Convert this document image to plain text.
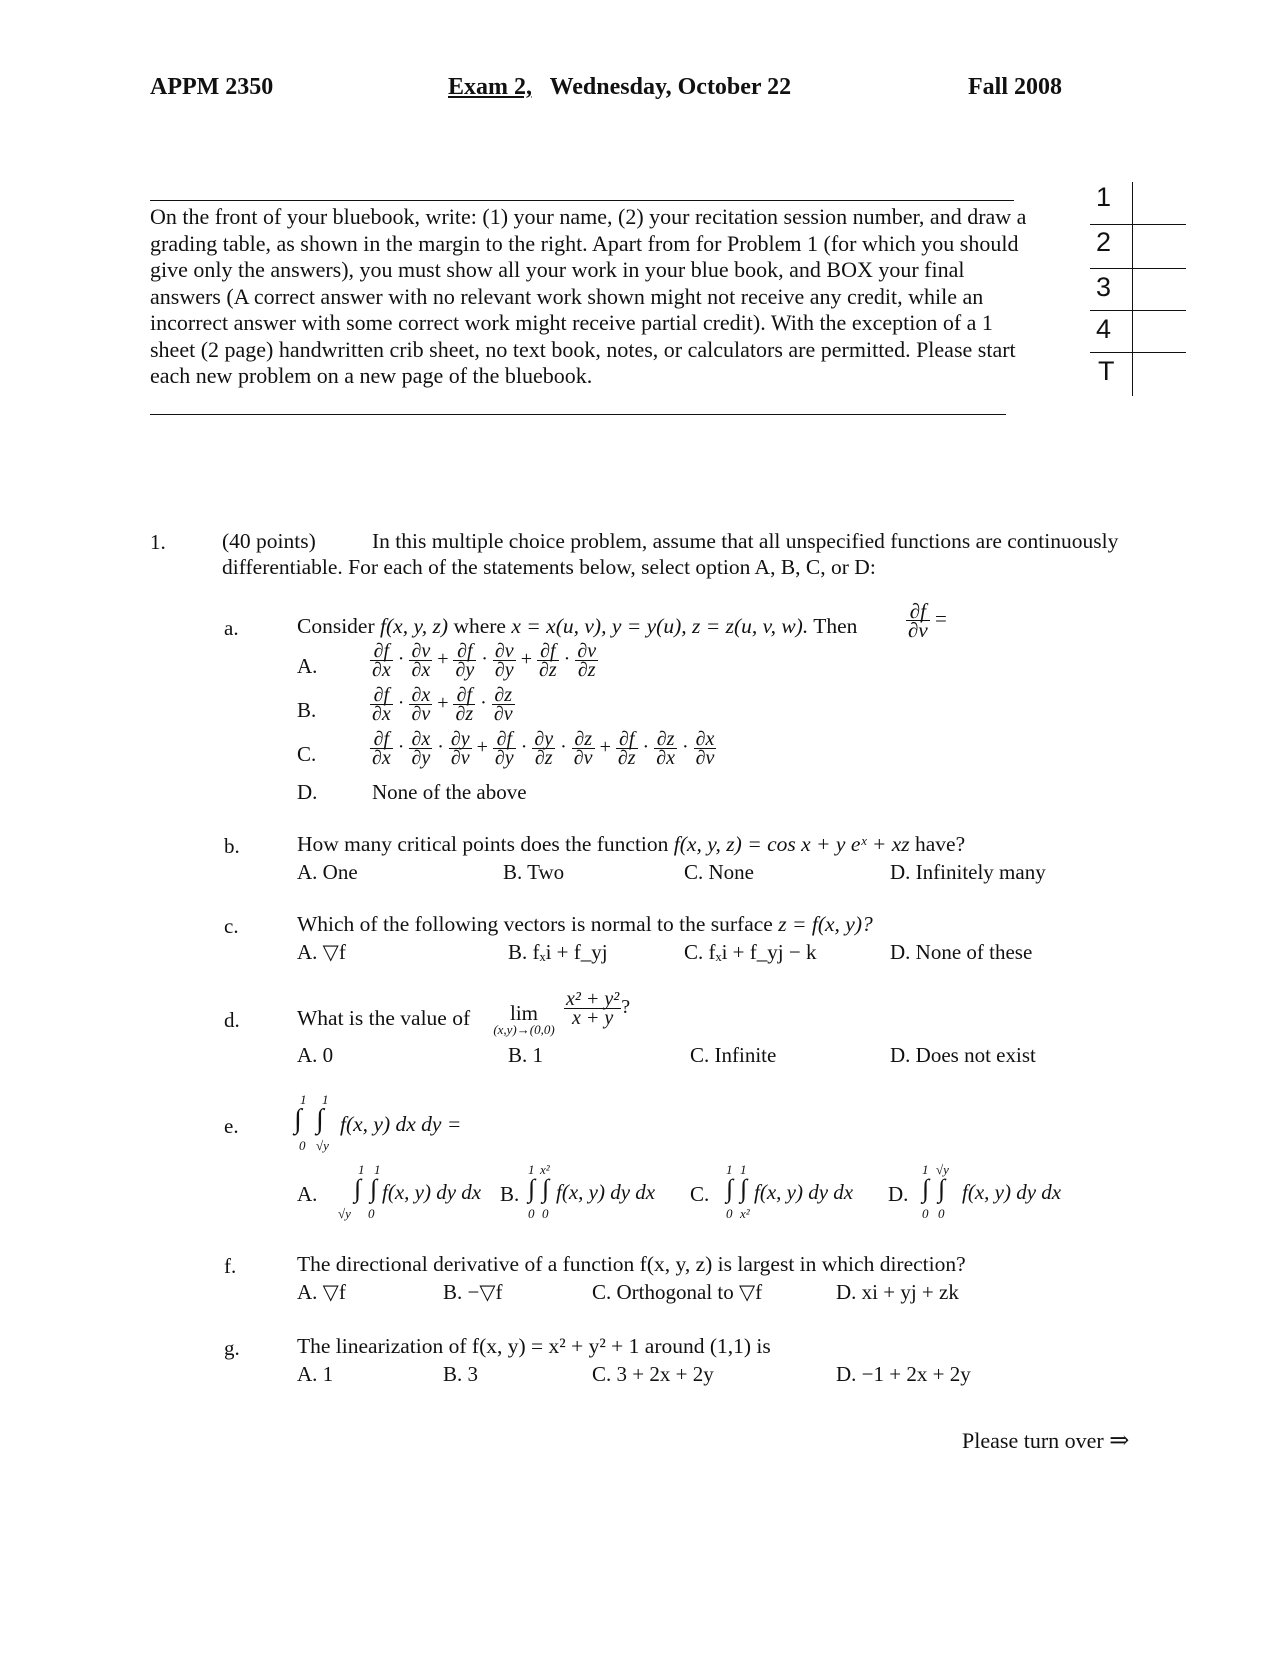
APPM 2350	Exam 2, Wednesday, October 22	Fall 2008
On the front of your bluebook, write: (1) your name, (2) your recitation session number, and draw a grading table, as shown in the margin to the right. Apart from for Problem 1 (for which you should give only the answers), you must show all your work in your blue book, and BOX your final answers (A correct answer with no relevant work shown might not receive any credit, while an incorrect answer with some correct work might receive partial credit). With the exception of a 1 sheet (2 page) handwritten crib sheet, no text book, notes, or calculators are permitted. Please start each new problem on a new page of the bluebook.
1
2
3
4
T
1.	(40 points)	In this multiple choice problem, assume that all unspecified functions are continuously
differentiable. For each of the statements below, select option A, B, C, or D:
a.	Consider f(x, y, z) where x = x(u, v), y = y(u), z = z(u, v, w). Then $\frac{\partial f}{\partial v}$ =
A.	$\frac{\partial f}{\partial x} \cdot \frac{\partial v}{\partial x} + \frac{\partial f}{\partial y} \cdot \frac{\partial v}{\partial y} + \frac{\partial f}{\partial z} \cdot \frac{\partial v}{\partial z}$
B.	$\frac{\partial f}{\partial x} \cdot \frac{\partial x}{\partial v} + \frac{\partial f}{\partial z} \cdot \frac{\partial z}{\partial v}$
C.	$\frac{\partial f}{\partial x} \cdot \frac{\partial x}{\partial y} \cdot \frac{\partial y}{\partial v} + \frac{\partial f}{\partial y} \cdot \frac{\partial y}{\partial z} \cdot \frac{\partial z}{\partial v} + \frac{\partial f}{\partial z} \cdot \frac{\partial z}{\partial x} \cdot \frac{\partial x}{\partial v}$
D.	None of the above
b.	How many critical points does the function f(x, y, z) = cos x + y eˣ + xz have?
A. One	B. Two	C. None	D. Infinitely many
c.	Which of the following vectors is normal to the surface z = f(x, y)?
A. ▽f	B. fₓi + f_yj	C. fₓi + f_yj − k	D. None of these
d.	What is the value of	lim
(x,y)→(0,0)
$\frac{\text{x² + y²}}{x + y}$ ?
A. 0	B. 1	C. Infinite	D. Does not exist
e.
1 1
∫ ∫
0 √y
f(x, y) dx dy =
A.
1 1
∫ ∫
√y 0
f(x, y) dy dx B.
1 x²
∫ ∫
0 0
f(x, y) dy dx C.
1 1
∫ ∫
0 x²
f(x, y) dy dx D.
1 √y
∫ ∫
0 0
f(x, y) dy dx
f.	The directional derivative of a function f(x, y, z) is largest in which direction?
A. ▽f	B. −▽f	C. Orthogonal to ▽f	D. xi + yj + zk
g.	The linearization of f(x, y) = x² + y² + 1 around (1,1) is
A. 1	B. 3	C. 3 + 2x + 2y	D. −1 + 2x + 2y
Please turn over ⇒
